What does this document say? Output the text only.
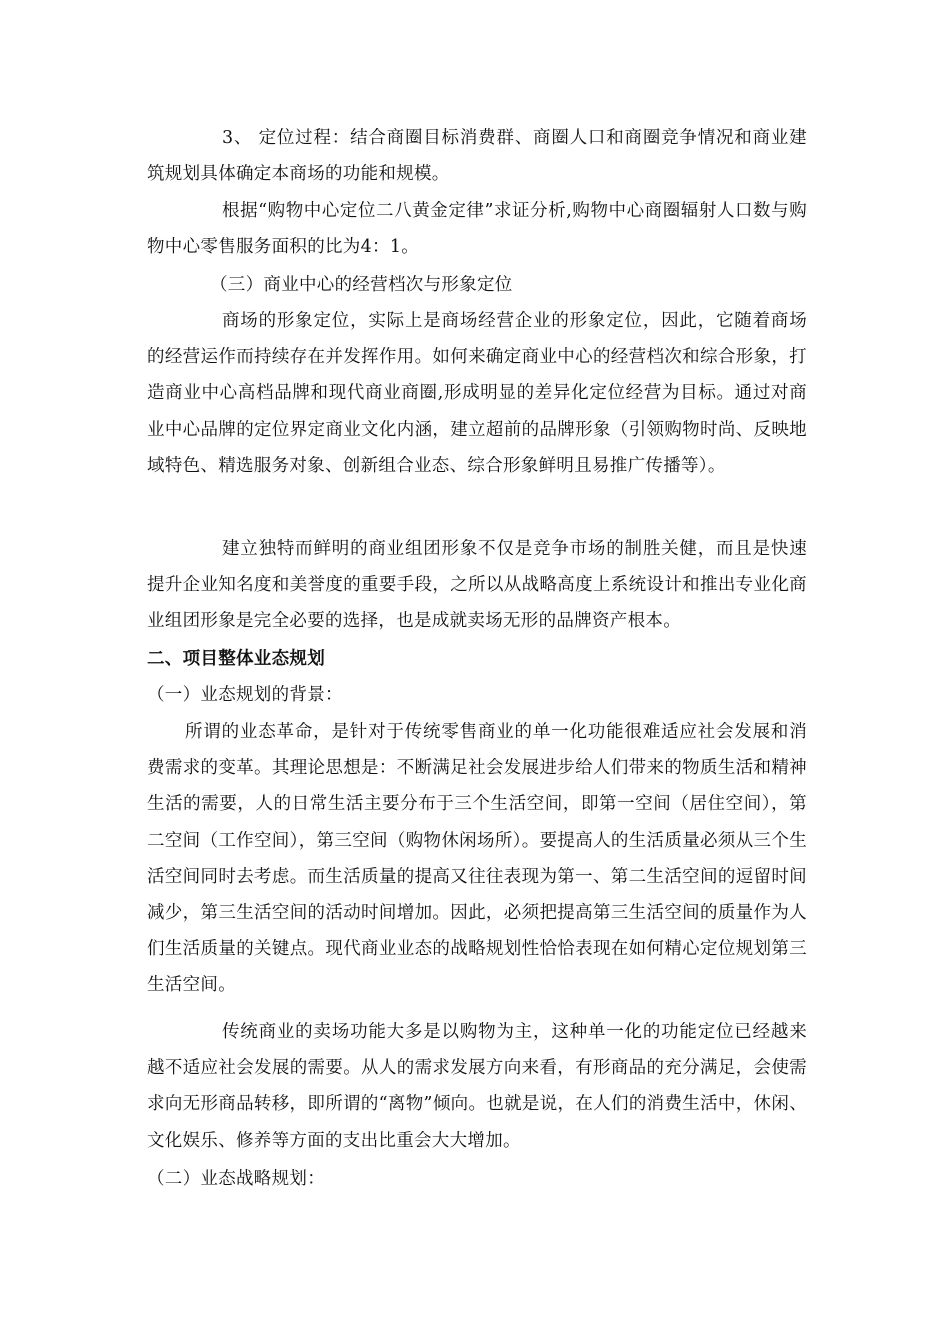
3、 定位过程：结合商圈目标消费群、商圈人口和商圈竞争情况和商业建筑规划具体确定本商场的功能和规模。

根据“购物中心定位二八黄金定律”求证分析,购物中心商圈辐射人口数与购物中心零售服务面积的比为4：1。

（三）商业中心的经营档次与形象定位

商场的形象定位，实际上是商场经营企业的形象定位，因此，它随着商场的经营运作而持续存在并发挥作用。如何来确定商业中心的经营档次和综合形象，打造商业中心高档品牌和现代商业商圈,形成明显的差异化定位经营为目标。通过对商业中心品牌的定位界定商业文化内涵，建立超前的品牌形象（引领购物时尚、反映地域特色、精选服务对象、创新组合业态、综合形象鲜明且易推广传播等）。

建立独特而鲜明的商业组团形象不仅是竞争市场的制胜关健，而且是快速提升企业知名度和美誉度的重要手段，之所以从战略高度上系统设计和推出专业化商业组团形象是完全必要的选择，也是成就卖场无形的品牌资产根本。

二、项目整体业态规划

（一）业态规划的背景：

所谓的业态革命，是针对于传统零售商业的单一化功能很难适应社会发展和消费需求的变革。其理论思想是：不断满足社会发展进步给人们带来的物质生活和精神生活的需要，人的日常生活主要分布于三个生活空间，即第一空间（居住空间），第二空间（工作空间），第三空间（购物休闲场所）。要提高人的生活质量必须从三个生活空间同时去考虑。而生活质量的提高又往往表现为第一、第二生活空间的逗留时间减少，第三生活空间的活动时间增加。因此，必须把提高第三生活空间的质量作为人们生活质量的关键点。现代商业业态的战略规划性恰恰表现在如何精心定位规划第三生活空间。

传统商业的卖场功能大多是以购物为主，这种单一化的功能定位已经越来越不适应社会发展的需要。从人的需求发展方向来看，有形商品的充分满足，会使需求向无形商品转移，即所谓的“离物”倾向。也就是说，在人们的消费生活中，休闲、文化娱乐、修养等方面的支出比重会大大增加。

（二）业态战略规划：
